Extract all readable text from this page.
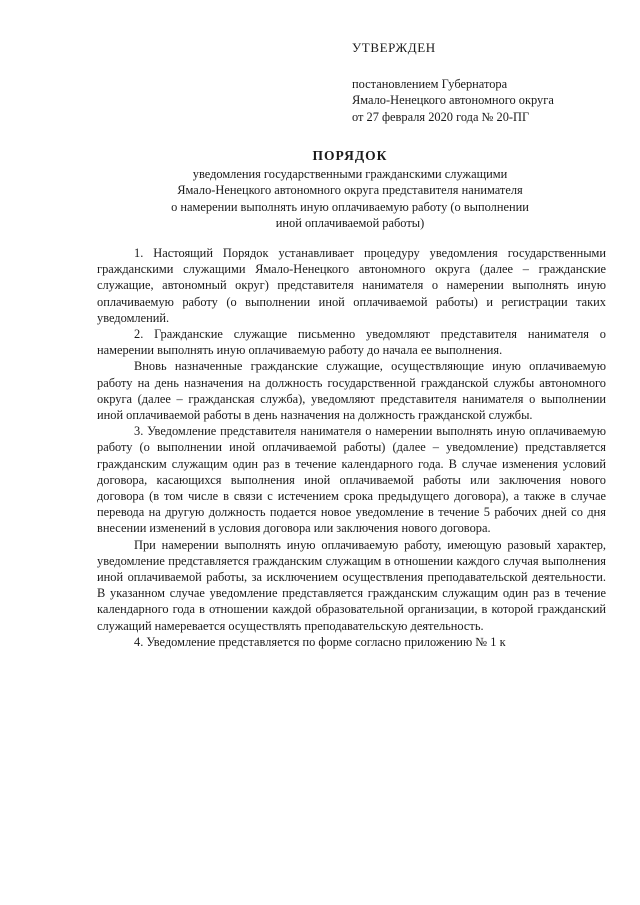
УТВЕРЖДЕН
постановлением Губернатора
Ямало-Ненецкого автономного округа
от 27 февраля 2020 года № 20-ПГ
ПОРЯДОК
уведомления государственными гражданскими служащими
Ямало-Ненецкого автономного округа представителя нанимателя
о намерении выполнять иную оплачиваемую работу (о выполнении
иной оплачиваемой работы)

1. Настоящий Порядок устанавливает процедуру уведомления государственными гражданскими служащими Ямало-Ненецкого автономного округа (далее – гражданские служащие, автономный округ) представителя нанимателя о намерении выполнять иную оплачиваемую работу (о выполнении иной оплачиваемой работы) и регистрации таких уведомлений.

2. Гражданские служащие письменно уведомляют представителя нанимателя о намерении выполнять иную оплачиваемую работу до начала ее выполнения.

Вновь назначенные гражданские служащие, осуществляющие иную оплачиваемую работу на день назначения на должность государственной гражданской службы автономного округа (далее – гражданская служба), уведомляют представителя нанимателя о выполнении иной оплачиваемой работы в день назначения на должность гражданской службы.

3. Уведомление представителя нанимателя о намерении выполнять иную оплачиваемую работу (о выполнении иной оплачиваемой работы) (далее – уведомление) представляется гражданским служащим один раз в течение календарного года. В случае изменения условий договора, касающихся выполнения иной оплачиваемой работы или заключения нового договора (в том числе в связи с истечением срока предыдущего договора), а также в случае перевода на другую должность подается новое уведомление в течение 5 рабочих дней со дня внесении изменений в условия договора или заключения нового договора.

При намерении выполнять иную оплачиваемую работу, имеющую разовый характер, уведомление представляется гражданским служащим в отношении каждого случая выполнения иной оплачиваемой работы, за исключением осуществления преподавательской деятельности. В указанном случае уведомление представляется гражданским служащим один раз в течение календарного года в отношении каждой образовательной организации, в которой гражданский служащий намеревается осуществлять преподавательскую деятельность.

4. Уведомление представляется по форме согласно приложению № 1 к
